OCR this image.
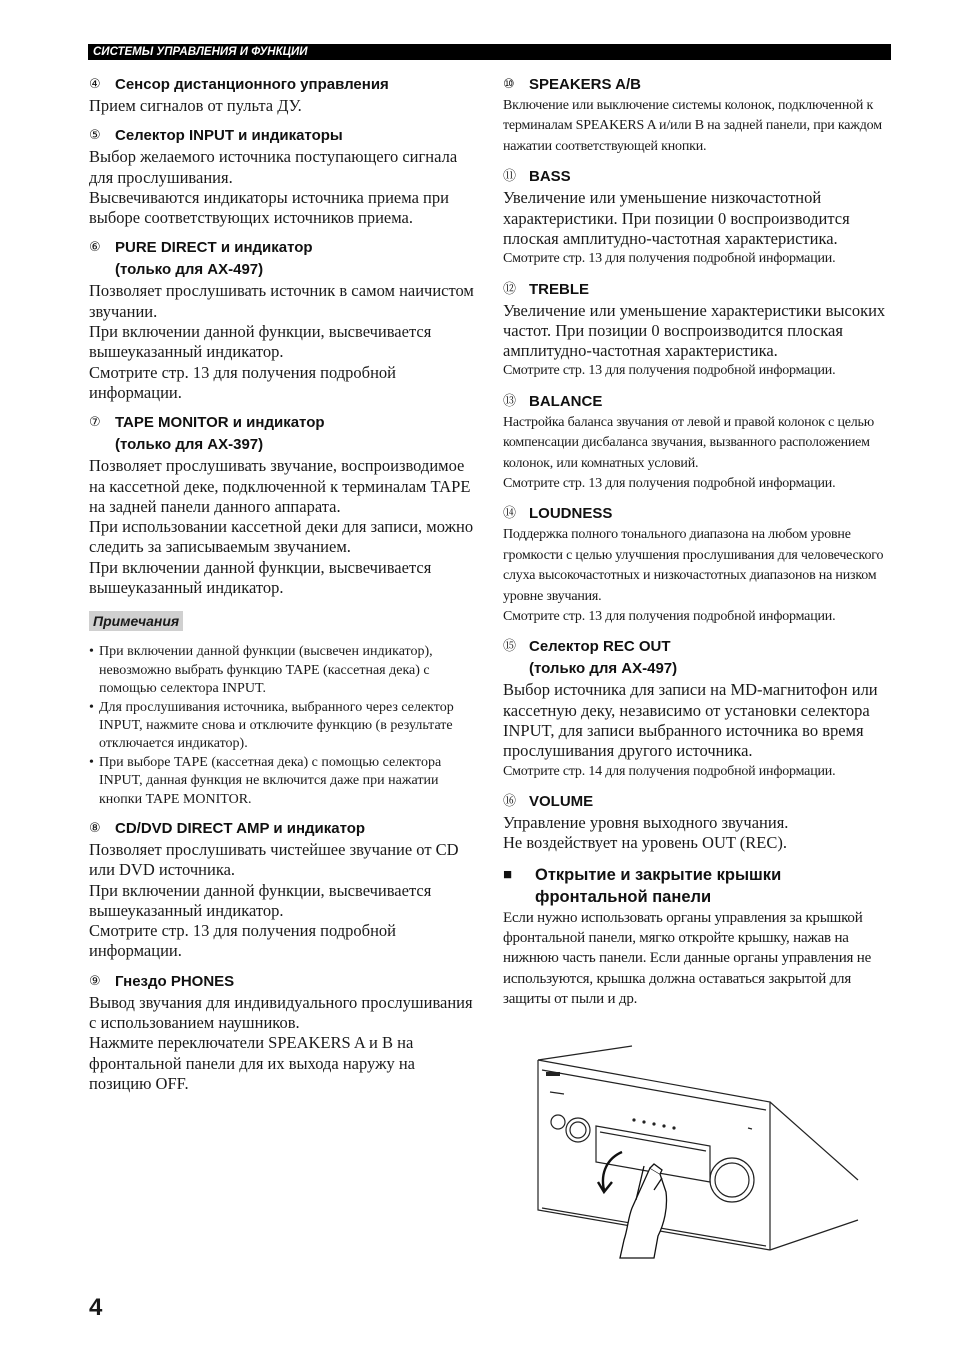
СИСТЕМЫ УПРАВЛЕНИЯ И ФУНКЦИИ
④ Сенсор дистанционного управления

Прием сигналов от пульта ДУ.

⑤ Селектор INPUT и индикаторы

Выбор желаемого источника поступающего сигнала для прослушивания.
Высвечиваются индикаторы источника приема при выборе соответствующих источников приема.

⑥ PURE DIRECT и индикатор
(только для AX-497)

Позволяет прослушивать источник в самом наичистом звучании.
При включении данной функции, высвечивается вышеуказанный индикатор.
Смотрите стр. 13 для получения подробной информации.

⑦ TAPE MONITOR и индикатор
(только для AX-397)

Позволяет прослушивать звучание, воспроизводимое на кассетной деке, подключенной к терминалам TAPE на задней панели данного аппарата.
При использовании кассетной деки для записи, можно следить за записываемым звучанием.
При включении данной функции, высвечивается вышеуказанный индикатор.

Примечания
• При включении данной функции (высвечен индикатор), невозможно выбрать функцию TAPE (кассетная дека) с помощью селектора INPUT.
• Для прослушивания источника, выбранного через селектор INPUT, нажмите снова и отключите функцию (в результате отключается индикатор).
• При выборе TAPE (кассетная дека) с помощью селектора INPUT, данная функция не включится даже при нажатии кнопки TAPE MONITOR.
⑧ CD/DVD DIRECT AMP и индикатор

Позволяет прослушивать чистейшее звучание от CD или DVD источника.
При включении данной функции, высвечивается вышеуказанный индикатор.
Смотрите стр. 13 для получения подробной информации.

⑨ Гнездо PHONES

Вывод звучания для индивидуального прослушивания с использованием наушников.
Нажмите переключатели SPEAKERS A и B на фронтальной панели для их выхода наружу на позицию OFF.

⑩ SPEAKERS A/B

Включение или выключение системы колонок, подключенной к терминалам SPEAKERS A и/или B на задней панели, при каждом нажатии соответствующей кнопки.

⑪ BASS

Увеличение или уменьшение низкочастотной характеристики. При позиции 0 воспроизводится плоская амплитудно-частотная характеристика.

Смотрите стр. 13 для получения подробной информации.

⑫ TREBLE

Увеличение или уменьшение характеристики высоких частот. При позиции 0 воспроизводится плоская амплитудно-частотная характеристика.

Смотрите стр. 13 для получения подробной информации.

⑬ BALANCE

Настройка баланса звучания от левой и правой колонок с целью компенсации дисбаланса звучания, вызванного расположением колонок, или комнатных условий.
Смотрите стр. 13 для получения подробной информации.

⑭ LOUDNESS

Поддержка полного тонального диапазона на любом уровне громкости с целью улучшения прослушивания для человеческого слуха высокочастотных и низкочастотных диапазонов на низком уровне звучания.
Смотрите стр. 13 для получения подробной информации.

⑮ Селектор REC OUT
(только для AX-497)

Выбор источника для записи на MD-магнитофон или кассетную деку, независимо от установки селектора INPUT, для записи выбранного источника во время прослушивания другого источника.

Смотрите стр. 14 для получения подробной информации.

⑯ VOLUME

Управление уровня выходного звучания.
Не воздействует на уровень OUT (REC).

■	Открытие и закрытие крышки
фронтальной панели

Если нужно использовать органы управления за крышкой фронтальной панели, мягко откройте крышку, нажав на нижнюю часть панели. Если данные органы управления не используются, крышка должна оставаться закрытой для защиты от пыли и др.

4
